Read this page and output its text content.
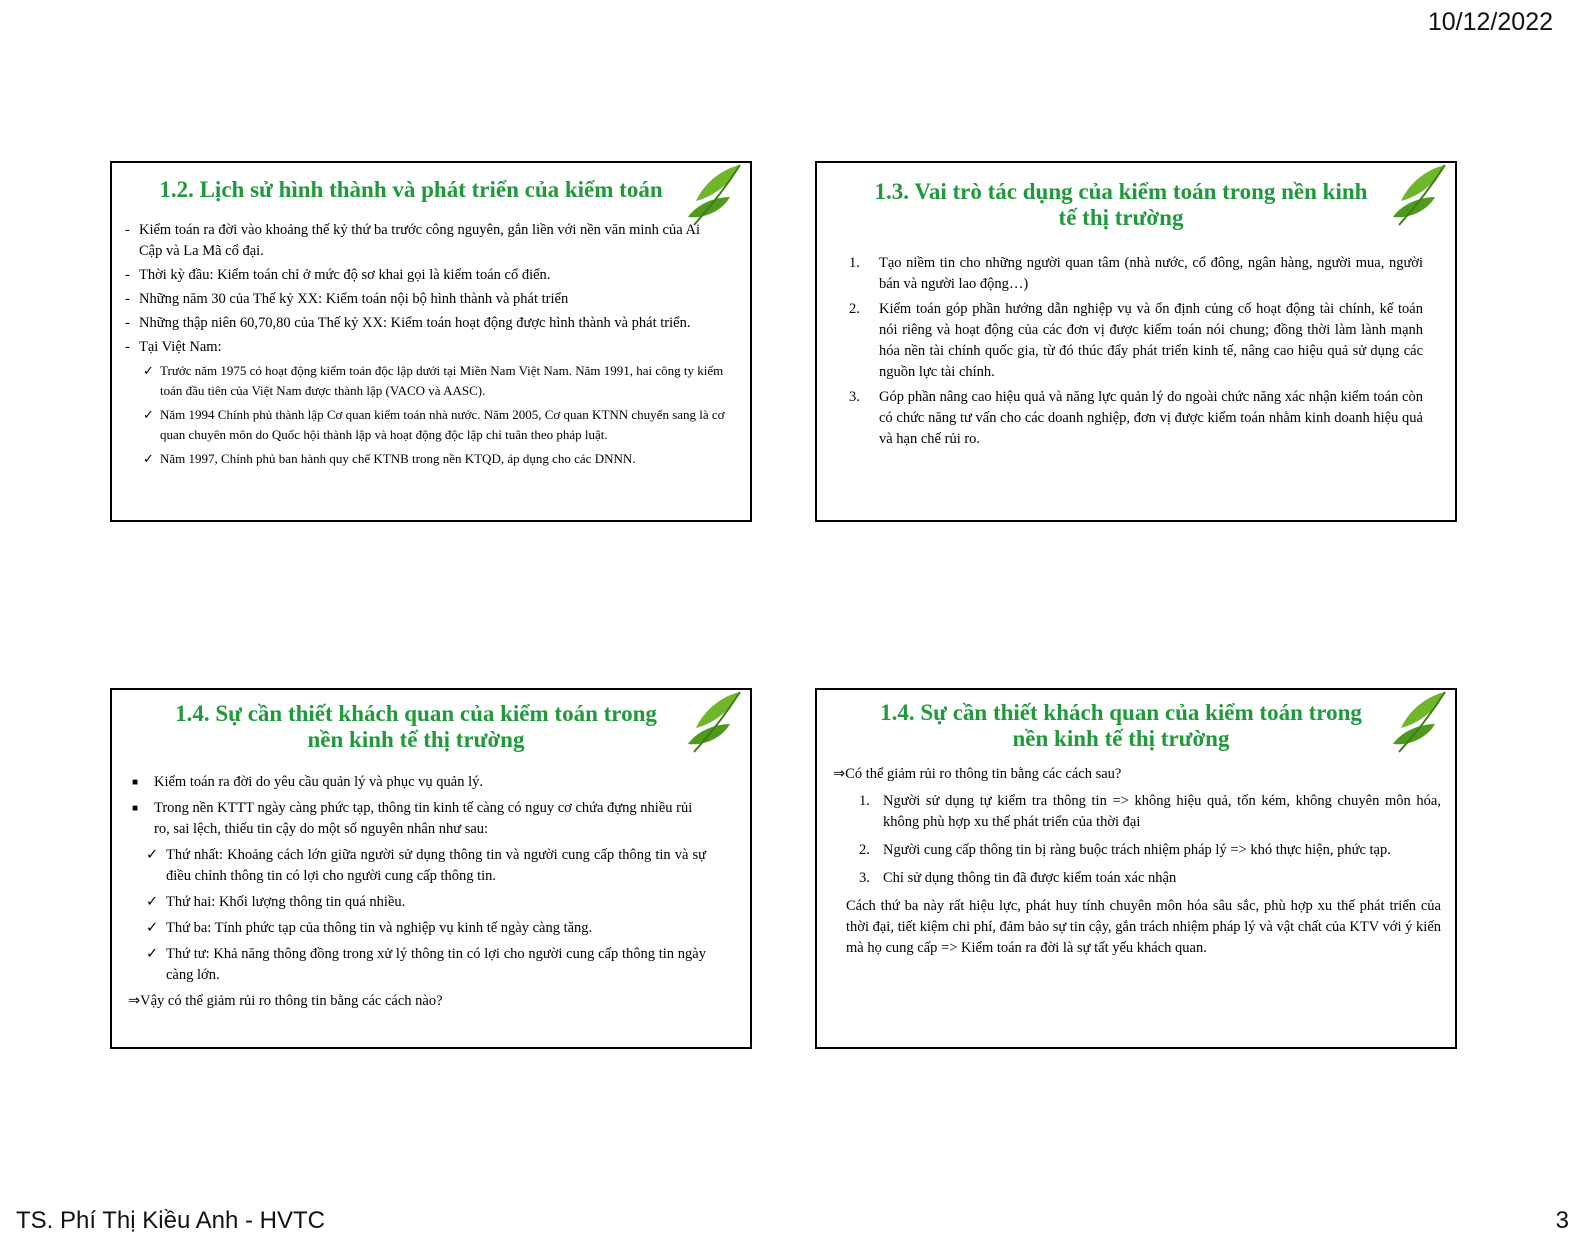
10/12/2022
1.2. Lịch sử hình thành và phát triển của kiểm toán
- Kiểm toán ra đời vào khoảng thế kỷ thứ ba trước công nguyên, gắn liền với nền văn minh của Ai Cập và La Mã cổ đại.
- Thời kỳ đầu: Kiểm toán chỉ ở mức độ sơ khai gọi là kiểm toán cổ điển.
- Những năm 30 của Thế kỷ XX: Kiểm toán nội bộ hình thành và phát triển
- Những thập niên 60,70,80 của Thế kỷ XX: Kiểm toán hoạt động được hình thành và phát triển.
- Tại Việt Nam:
✓ Trước năm 1975 có hoạt động kiểm toán độc lập dưới tại Miền Nam Việt Nam. Năm 1991, hai công ty kiểm toán đầu tiên của Việt Nam được thành lập (VACO và AASC).
✓ Năm 1994 Chính phủ thành lập Cơ quan kiểm toán nhà nước. Năm 2005, Cơ quan KTNN chuyển sang là cơ quan chuyên môn do Quốc hội thành lập và hoạt động độc lập chỉ tuân theo pháp luật.
✓ Năm 1997, Chính phủ ban hành quy chế KTNB trong nền KTQD, áp dụng cho các DNNN.
1.3. Vai trò tác dụng của kiểm toán trong nền kinh
tế thị trường
1. Tạo niềm tin cho những người quan tâm (nhà nước, cổ đông, ngân hàng, người mua, người bán và người lao động…)
2. Kiểm toán góp phần hướng dẫn nghiệp vụ và ổn định củng cố hoạt động tài chính, kế toán nói riêng và hoạt động của các đơn vị được kiểm toán nói chung; đồng thời làm lành mạnh hóa nền tài chính quốc gia, từ đó thúc đẩy phát triển kinh tế, nâng cao hiệu quả sử dụng các nguồn lực tài chính.
3. Góp phần nâng cao hiệu quả và năng lực quản lý do ngoài chức năng xác nhận kiểm toán còn có chức năng tư vấn cho các doanh nghiệp, đơn vị được kiểm toán nhằm kinh doanh hiệu quả và hạn chế rủi ro.
1.4. Sự cần thiết khách quan của kiểm toán trong
nền kinh tế thị trường
■ Kiểm toán ra đời do yêu cầu quản lý và phục vụ quản lý.
■ Trong nền KTTT ngày càng phức tạp, thông tin kinh tế càng có nguy cơ chứa đựng nhiều rủi ro, sai lệch, thiếu tin cậy do một số nguyên nhân như sau:
✓ Thứ nhất: Khoảng cách lớn giữa người sử dụng thông tin và người cung cấp thông tin và sự điều chỉnh thông tin có lợi cho người cung cấp thông tin.
✓ Thứ hai: Khối lượng thông tin quá nhiều.
✓ Thứ ba: Tính phức tạp của thông tin và nghiệp vụ kinh tế ngày càng tăng.
✓ Thứ tư: Khả năng thông đồng trong xử lý thông tin có lợi cho người cung cấp thông tin ngày càng lớn.
⇒Vậy có thể giảm rủi ro thông tin bằng các cách nào?
1.4. Sự cần thiết khách quan của kiểm toán trong
nền kinh tế thị trường
⇒Có thể giảm rủi ro thông tin bằng các cách sau?
1. Người sử dụng tự kiểm tra thông tin => không hiệu quả, tốn kém, không chuyên môn hóa, không phù hợp xu thế phát triển của thời đại
2. Người cung cấp thông tin bị ràng buộc trách nhiệm pháp lý => khó thực hiện, phức tạp.
3. Chỉ sử dụng thông tin đã được kiểm toán xác nhận
Cách thứ ba này rất hiệu lực, phát huy tính chuyên môn hóa sâu sắc, phù hợp xu thế phát triển của thời đại, tiết kiệm chi phí, đảm bảo sự tin cậy, gắn trách nhiệm pháp lý và vật chất của KTV với ý kiến mà họ cung cấp => Kiểm toán ra đời là sự tất yếu khách quan.
TS. Phí Thị Kiều Anh - HVTC	3
